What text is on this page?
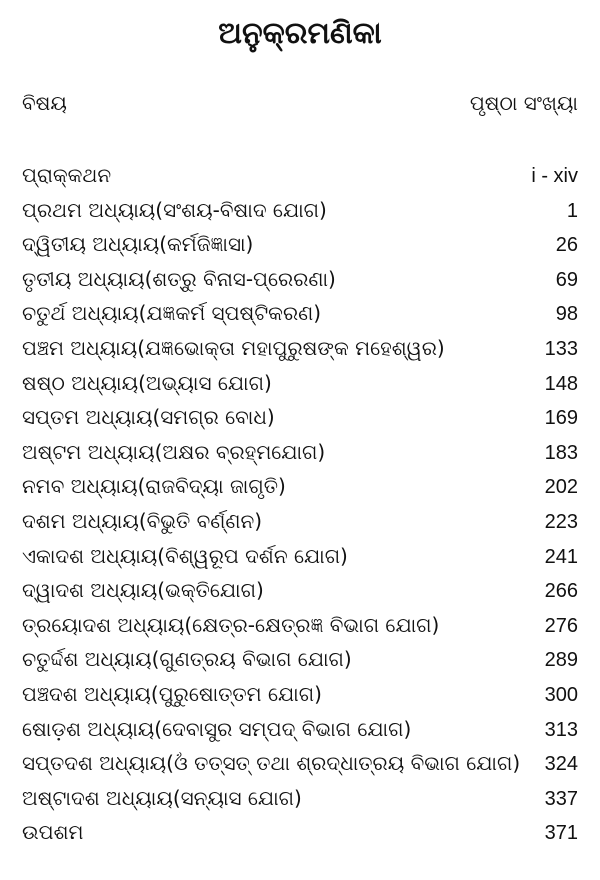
ଅନୁକ୍ରମଣିକା
ବିଷୟ	ପୃଷ୍ଠା ସଂଖ୍ୟା
ପ୍ରାକ୍କଥନ	i - xiv
ପ୍ରଥମ ଅଧ୍ୟାୟ(ସଂଶୟ-ବିଷାଦ ଯୋଗ)	1
ଦ୍ୱିତୀୟ ଅଧ୍ୟାୟ(କର୍ମଜିଜ୍ଞାସା)	26
ତୃତୀୟ ଅଧ୍ୟାୟ(ଶତ୍ରୁ ବିନାସ-ପ୍ରେରଣା)	69
ଚତୁର୍ଥ ଅଧ୍ୟାୟ(ଯଜ୍ଞକର୍ମ ସ୍ପଷ୍ଟିକରଣ)	98
ପଞ୍ଚମ ଅଧ୍ୟାୟ(ଯଜ୍ଞଭୋକ୍ତା ମହାପୁରୁଷଙ୍କ ମହେଶ୍ୱର)	133
ଷଷ୍ଠ ଅଧ୍ୟାୟ(ଅଭ୍ୟାସ ଯୋଗ)	148
ସପ୍ତମ ଅଧ୍ୟାୟ(ସମଗ୍ର ବୋଧ)	169
ଅଷ୍ଟମ ଅଧ୍ୟାୟ(ଅକ୍ଷର ବ୍ରହ୍ମଯୋଗ)	183
ନମବ ଅଧ୍ୟାୟ(ରାଜବିଦ୍ୟା ଜାଗୃତି)	202
ଦଶମ ଅଧ୍ୟାୟ(ବିଭୁତି ବର୍ଣ୍ଣନ)	223
ଏକାଦଶ ଅଧ୍ୟାୟ(ବିଶ୍ୱରୂପ ଦର୍ଶନ ଯୋଗ)	241
ଦ୍ୱାଦଶ ଅଧ୍ୟାୟ(ଭକ୍ତିଯୋଗ)	266
ତ୍ରୟୋଦଶ ଅଧ୍ୟାୟ(କ୍ଷେତ୍ର-କ୍ଷେତ୍ରଜ୍ଞ ବିଭାଗ ଯୋଗ)	276
ଚତୁର୍ଦ୍ଦଶ ଅଧ୍ୟାୟ(ଗୁଣତ୍ରୟ ବିଭାଗ ଯୋଗ)	289
ପଞ୍ଚଦଶ ଅଧ୍ୟାୟ(ପୁରୁଷୋତ୍ତମ ଯୋଗ)	300
ଷୋଡ଼ଶ ଅଧ୍ୟାୟ(ଦେବାସୁର ସମ୍ପଦ୍ ବିଭାଗ ଯୋଗ)	313
ସପ୍ତଦଶ ଅଧ୍ୟାୟ(ଓଁ ତତ୍‌ସତ୍ ତଥା ଶ୍ରଦ୍ଧାତ୍ରୟ ବିଭାଗ ଯୋଗ)	324
ଅଷ୍ଟାଦଶ ଅଧ୍ୟାୟ(ସନ୍ୟାସ ଯୋଗ)	337
ଉପଶମ	371
